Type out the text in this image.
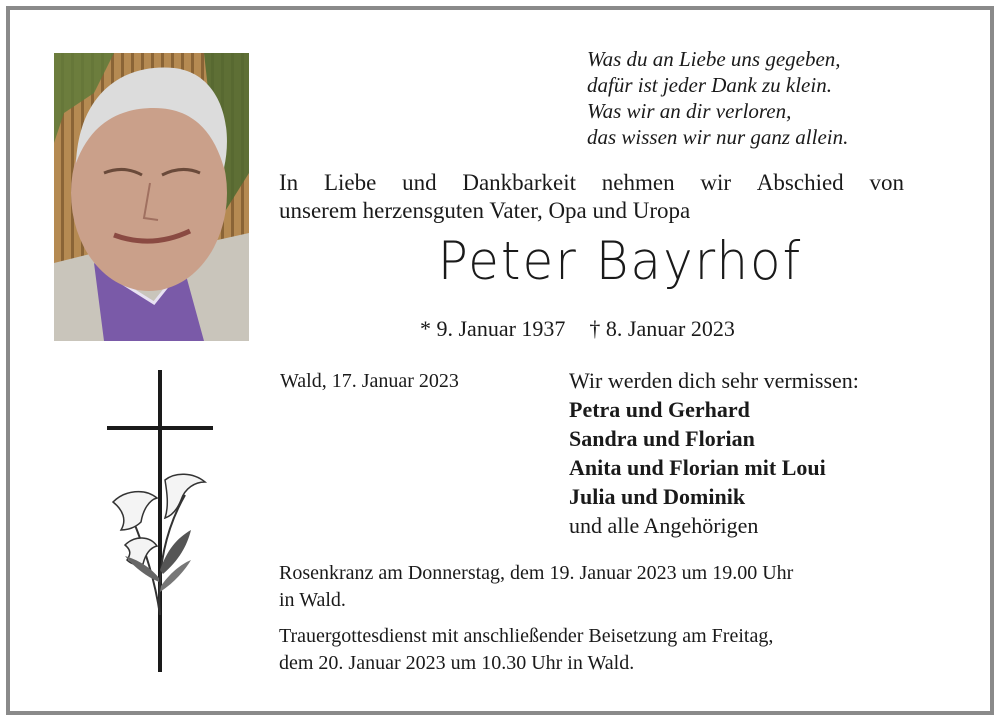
Was du an Liebe uns gegeben,
dafür ist jeder Dank zu klein.
Was wir an dir verloren,
das wissen wir nur ganz allein.
In Liebe und Dankbarkeit nehmen wir Abschied von
unserem herzensguten Vater, Opa und Uropa
Peter Bayrhof
* 9. Januar 1937 † 8. Januar 2023
Wald, 17. Januar 2023	Wir werden dich sehr vermissen:
Petra und Gerhard
Sandra und Florian
Anita und Florian mit Loui
Julia und Dominik
und alle Angehörigen
Rosenkranz am Donnerstag, dem 19. Januar 2023 um 19.00 Uhr
in Wald.
Trauergottesdienst mit anschließender Beisetzung am Freitag,
dem 20. Januar 2023 um 10.30 Uhr in Wald.
